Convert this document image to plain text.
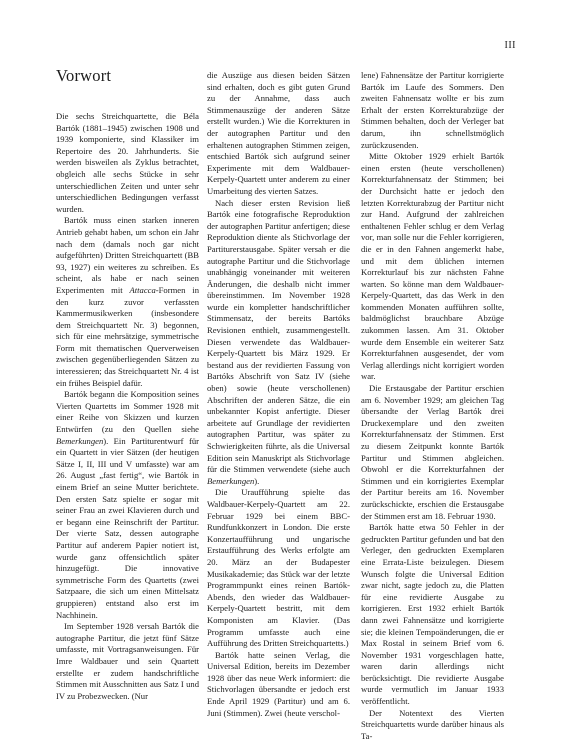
III
Vorwort

Die sechs Streichquartette, die Béla Bartók (1881–1945) zwischen 1908 und 1939 komponierte, sind Klassiker im Repertoire des 20. Jahrhunderts. Sie werden bisweilen als Zyklus betrachtet, obgleich alle sechs Stücke in sehr unterschiedlichen Zeiten und unter sehr unterschiedlichen Bedingungen verfasst wurden.

Bartók muss einen starken inneren Antrieb gehabt haben, um schon ein Jahr nach dem (damals noch gar nicht aufgeführten) Dritten Streichquartett (BB 93, 1927) ein weiteres zu schreiben. Es scheint, als habe er nach seinen Experimenten mit Attacca-Formen in den kurz zuvor verfassten Kammermusikwerken (insbesondere dem Streichquartett Nr. 3) begonnen, sich für eine mehrsätzige, symmetrische Form mit thematischen Querverweisen zwischen gegenüberliegenden Sätzen zu interessieren; das Streichquartett Nr. 4 ist ein frühes Beispiel dafür.

Bartók begann die Komposition seines Vierten Quartetts im Sommer 1928 mit einer Reihe von Skizzen und kurzen Entwürfen (zu den Quellen siehe Bemerkungen). Ein Partiturentwurf für ein Quartett in vier Sätzen (der heutigen Sätze I, II, III und V umfasste) war am 26. August „fast fertig“, wie Bartók in einem Brief an seine Mutter berichtete. Den ersten Satz spielte er sogar mit seiner Frau an zwei Klavieren durch und er begann eine Reinschrift der Partitur. Der vierte Satz, dessen autographe Partitur auf anderem Papier notiert ist, wurde ganz offensichtlich später hinzugefügt. Die innovative symmetrische Form des Quartetts (zwei Satzpaare, die sich um einen Mittelsatz gruppieren) entstand also erst im Nachhinein.

Im September 1928 versah Bartók die autographe Partitur, die jetzt fünf Sätze umfasste, mit Vortragsanweisungen. Für Imre Waldbauer und sein Quartett erstellte er zudem handschriftliche Stimmen mit Ausschnitten aus Satz I und IV zu Probezwecken. (Nur

die Auszüge aus diesen beiden Sätzen sind erhalten, doch es gibt guten Grund zu der Annahme, dass auch Stimmenauszüge der anderen Sätze erstellt wurden.) Wie die Korrekturen in der autographen Partitur und den erhaltenen autographen Stimmen zeigen, entschied Bartók sich aufgrund seiner Experimente mit dem Waldbauer-Kerpely-Quartett unter anderem zu einer Umarbeitung des vierten Satzes.

Nach dieser ersten Revision ließ Bartók eine fotografische Reproduktion der autographen Partitur anfertigen; diese Reproduktion diente als Stichvorlage der Partiturerstausgabe. Später versah er die autographe Partitur und die Stichvorlage unabhängig voneinander mit weiteren Änderungen, die deshalb nicht immer übereinstimmen. Im November 1928 wurde ein kompletter handschriftlicher Stimmensatz, der bereits Bartóks Revisionen enthielt, zusammengestellt. Diesen verwendete das Waldbauer-Kerpely-Quartett bis März 1929. Er bestand aus der revidierten Fassung von Bartóks Abschrift von Satz IV (siehe oben) sowie (heute verschollenen) Abschriften der anderen Sätze, die ein unbekannter Kopist anfertigte. Dieser arbeitete auf Grundlage der revidierten autographen Partitur, was später zu Schwierigkeiten führte, als die Universal Edition sein Manuskript als Stichvorlage für die Stimmen verwendete (siehe auch Bemerkungen).

Die Uraufführung spielte das Waldbauer-Kerpely-Quartett am 22. Februar 1929 bei einem BBC-Rundfunkkonzert in London. Die erste Konzertaufführung und ungarische Erstaufführung des Werks erfolgte am 20. März an der Budapester Musikakademie; das Stück war der letzte Programmpunkt eines reinen Bartók-Abends, den wieder das Waldbauer-Kerpely-Quartett bestritt, mit dem Komponisten am Klavier. (Das Programm umfasste auch eine Aufführung des Dritten Streichquartetts.)

Bartók hatte seinen Verlag, die Universal Edition, bereits im Dezember 1928 über das neue Werk informiert: die Stichvorlagen übersandte er jedoch erst Ende April 1929 (Partitur) und am 6. Juni (Stimmen). Zwei (heute verschol-

lene) Fahnensätze der Partitur korrigierte Bartók im Laufe des Sommers. Den zweiten Fahnensatz wollte er bis zum Erhalt der ersten Korrekturabzüge der Stimmen behalten, doch der Verleger bat darum, ihn schnellstmöglich zurückzusenden.

Mitte Oktober 1929 erhielt Bartók einen ersten (heute verschollenen) Korrekturfahnensatz der Stimmen; bei der Durchsicht hatte er jedoch den letzten Korrekturabzug der Partitur nicht zur Hand. Aufgrund der zahlreichen enthaltenen Fehler schlug er dem Verlag vor, man solle nur die Fehler korrigieren, die er in den Fahnen angemerkt habe, und mit dem üblichen internen Korrekturlauf bis zur nächsten Fahne warten. So könne man dem Waldbauer-Kerpely-Quartett, das das Werk in den kommenden Monaten aufführen sollte, baldmöglichst brauchbare Abzüge zukommen lassen. Am 31. Oktober wurde dem Ensemble ein weiterer Satz Korrekturfahnen ausgesendet, der vom Verlag allerdings nicht korrigiert worden war.

Die Erstausgabe der Partitur erschien am 6. November 1929; am gleichen Tag übersandte der Verlag Bartók drei Druckexemplare und den zweiten Korrekturfahnensatz der Stimmen. Erst zu diesem Zeitpunkt konnte Bartók Partitur und Stimmen abgleichen. Obwohl er die Korrekturfahnen der Stimmen und ein korrigiertes Exemplar der Partitur bereits am 16. November zurückschickte, erschien die Erstausgabe der Stimmen erst am 18. Februar 1930.

Bartók hatte etwa 50 Fehler in der gedruckten Partitur gefunden und bat den Verleger, den gedruckten Exemplaren eine Errata-Liste beizulegen. Diesem Wunsch folgte die Universal Edition zwar nicht, sagte jedoch zu, die Platten für eine revidierte Ausgabe zu korrigieren. Erst 1932 erhielt Bartók dann zwei Fahnensätze und korrigierte sie; die kleinen Tempoänderungen, die er Max Rostal in seinem Brief vom 6. November 1931 vorgeschlagen hatte, waren darin allerdings nicht berücksichtigt. Die revidierte Ausgabe wurde vermutlich im Januar 1933 veröffentlicht.

Der Notentext des Vierten Streichquartetts wurde darüber hinaus als Ta-
